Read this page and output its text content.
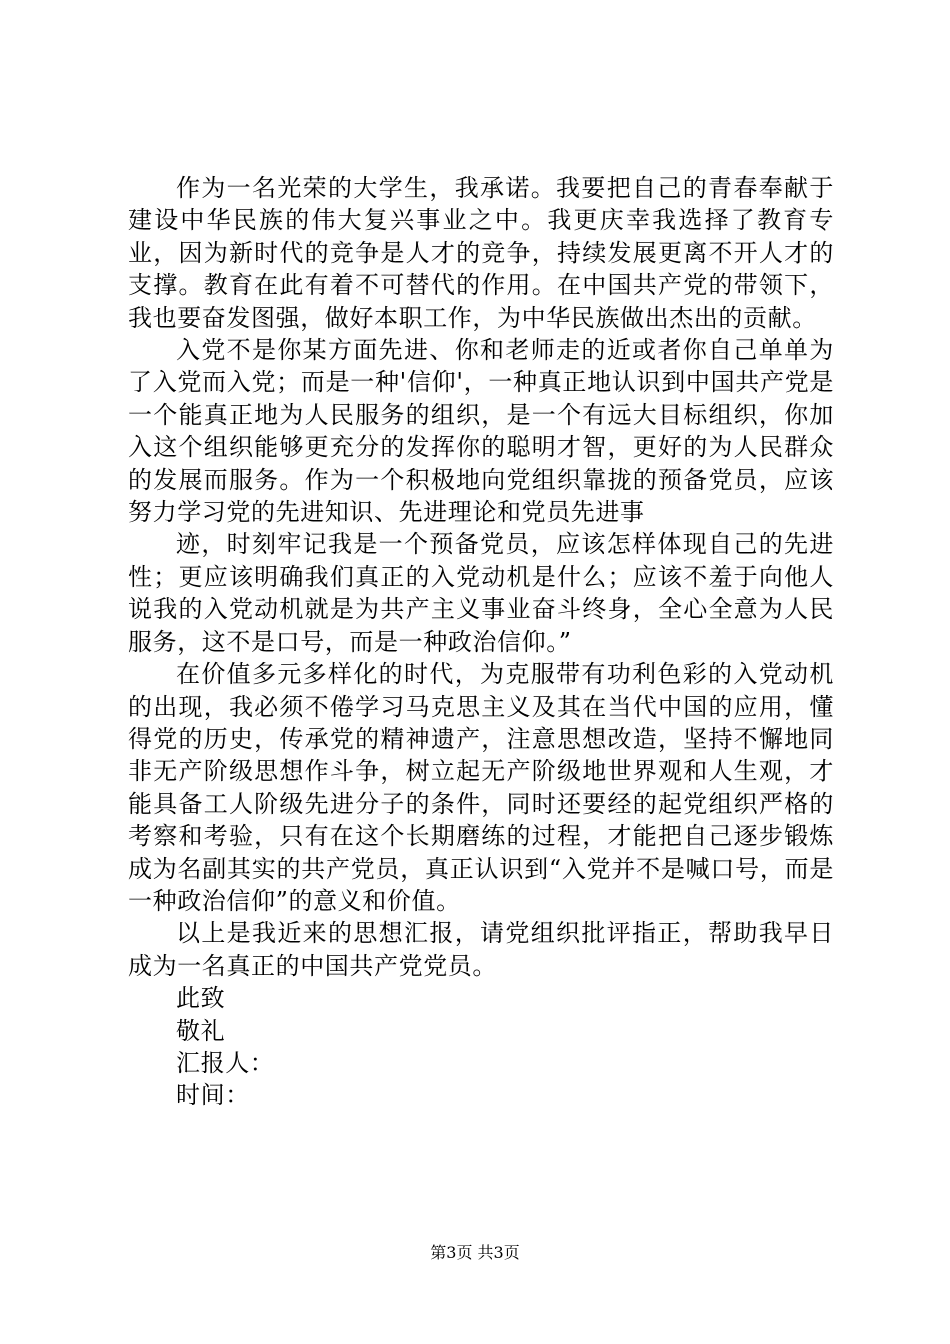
作为一名光荣的大学生，我承诺。我要把自己的青春奉献于建设中华民族的伟大复兴事业之中。我更庆幸我选择了教育专业，因为新时代的竞争是人才的竞争，持续发展更离不开人才的支撑。教育在此有着不可替代的作用。在中国共产党的带领下，我也要奋发图强，做好本职工作，为中华民族做出杰出的贡献。

入党不是你某方面先进、你和老师走的近或者你自己单单为了入党而入党；而是一种'信仰'，一种真正地认识到中国共产党是一个能真正地为人民服务的组织，是一个有远大目标组织，你加入这个组织能够更充分的发挥你的聪明才智，更好的为人民群众的发展而服务。作为一个积极地向党组织靠拢的预备党员，应该努力学习党的先进知识、先进理论和党员先进事

迹，时刻牢记我是一个预备党员，应该怎样体现自己的先进性；更应该明确我们真正的入党动机是什么；应该不羞于向他人说我的入党动机就是为共产主义事业奋斗终身，全心全意为人民服务，这不是口号，而是一种政治信仰。”

在价值多元多样化的时代，为克服带有功利色彩的入党动机的出现，我必须不倦学习马克思主义及其在当代中国的应用，懂得党的历史，传承党的精神遗产，注意思想改造，坚持不懈地同非无产阶级思想作斗争，树立起无产阶级地世界观和人生观，才能具备工人阶级先进分子的条件，同时还要经的起党组织严格的考察和考验，只有在这个长期磨练的过程，才能把自己逐步锻炼成为名副其实的共产党员，真正认识到“入党并不是喊口号，而是一种政治信仰”的意义和价值。

以上是我近来的思想汇报，请党组织批评指正，帮助我早日成为一名真正的中国共产党党员。

此致

敬礼

汇报人：

时间：

第3页 共3页
